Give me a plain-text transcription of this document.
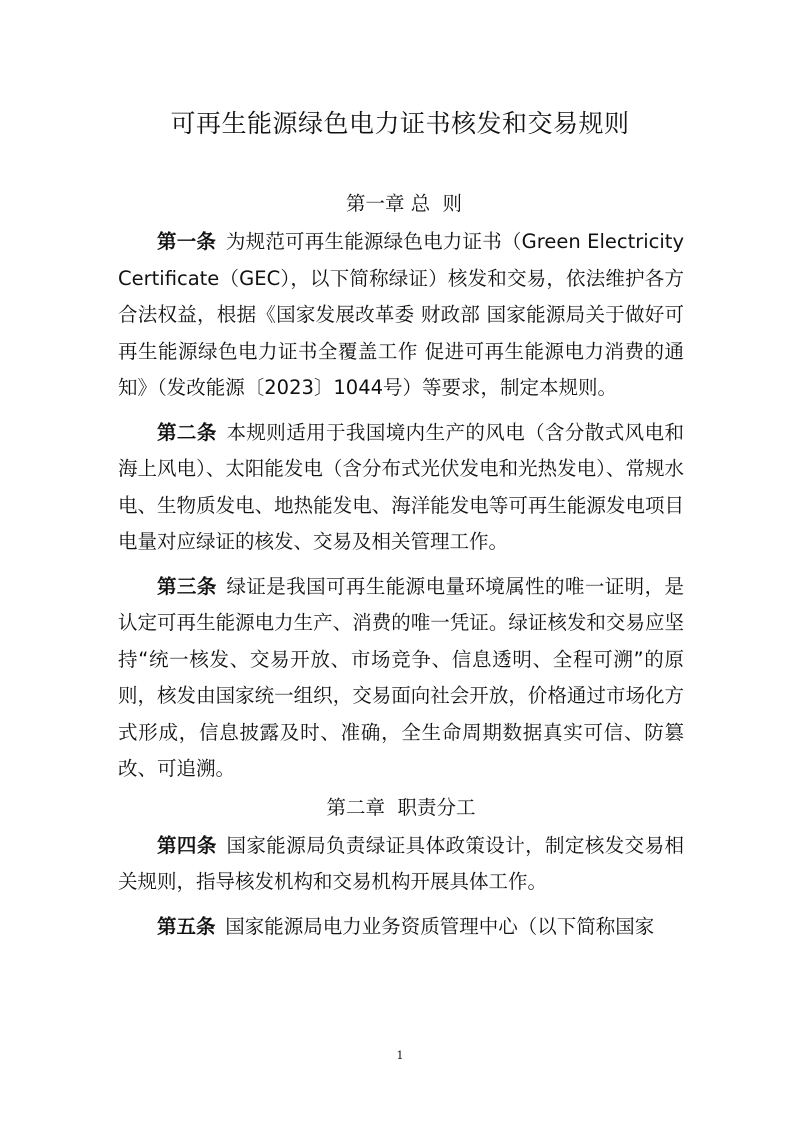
可再生能源绿色电力证书核发和交易规则
第一章 总  则

第一条 为规范可再生能源绿色电力证书（Green Electricity Certificate（GEC），以下简称绿证）核发和交易，依法维护各方合法权益，根据《国家发展改革委 财政部 国家能源局关于做好可再生能源绿色电力证书全覆盖工作 促进可再生能源电力消费的通知》（发改能源〔2023〕1044号）等要求，制定本规则。

第二条 本规则适用于我国境内生产的风电（含分散式风电和海上风电）、太阳能发电（含分布式光伏发电和光热发电）、常规水电、生物质发电、地热能发电、海洋能发电等可再生能源发电项目电量对应绿证的核发、交易及相关管理工作。

第三条 绿证是我国可再生能源电量环境属性的唯一证明，是认定可再生能源电力生产、消费的唯一凭证。绿证核发和交易应坚持“统一核发、交易开放、市场竞争、信息透明、全程可溯”的原则，核发由国家统一组织，交易面向社会开放，价格通过市场化方式形成，信息披露及时、准确，全生命周期数据真实可信、防篡改、可追溯。

第二章  职责分工

第四条 国家能源局负责绿证具体政策设计，制定核发交易相关规则，指导核发机构和交易机构开展具体工作。

第五条 国家能源局电力业务资质管理中心（以下简称国家

1
